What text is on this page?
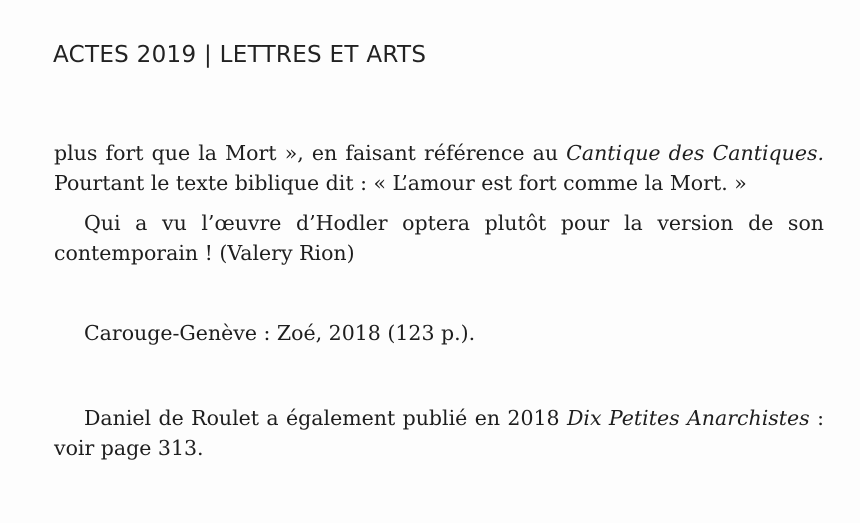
ACTES 2019 | LETTRES ET ARTS
plus fort que la Mort », en faisant référence au Cantique des Cantiques.
Pourtant le texte biblique dit : « L’amour est fort comme la Mort. »
Qui a vu l’œuvre d’Hodler optera plutôt pour la version de son
contemporain ! (Valery Rion)
Carouge-Genève : Zoé, 2018 (123 p.).
Daniel de Roulet a également publié en 2018 Dix Petites Anarchistes :
voir page 313.
